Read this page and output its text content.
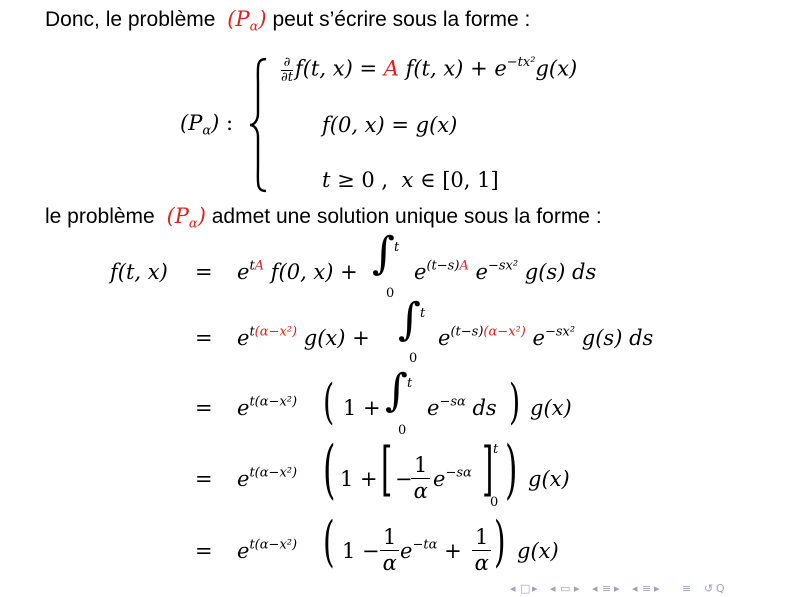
Donc, le problème $(P_\alpha)$ peut s’écrire sous la forme :
$(P_\alpha)$ :
∂
∂t f(t, x) = A f(t, $x) + e^{-tx^2}g(x)$
f(0, x) = g(x)
t ≥ 0 ,  x ∈ [0, 1]
le problème $(P_\alpha)$ admet une solution unique sous la forme :
f(t, $x) = e^{tA}$ f(0, x) + ∫ t
0
$e^{(t-s)A}$ $e^{-sx^2}$ g(s) ds
= $e^{t(\alpha-x^2)}$ g(x) + ∫ t
0
$e^{(t-s)(\alpha-x^2)}$ $e^{-sx^2}$ g(s) ds
= $e^{t(\alpha-x^2)}$ ( 1 + ∫ t
0
$e^{-s\alpha}$ ds ) g(x)
= $e^{t(\alpha-x^2)}$ ( 1 + [ −
1
α
$e^{-s\alpha}$ ] t
0 ) g(x)
= $e^{t(\alpha-x^2)}$ ( 1 −
1
α
$e^{-t\alpha}$ +
1
α ) g(x)
◂ □ ▸ ◂ ▭ ▸ ◂ ≡ ▸ ◂ ≡ ▸ ≡ ↺ Q
